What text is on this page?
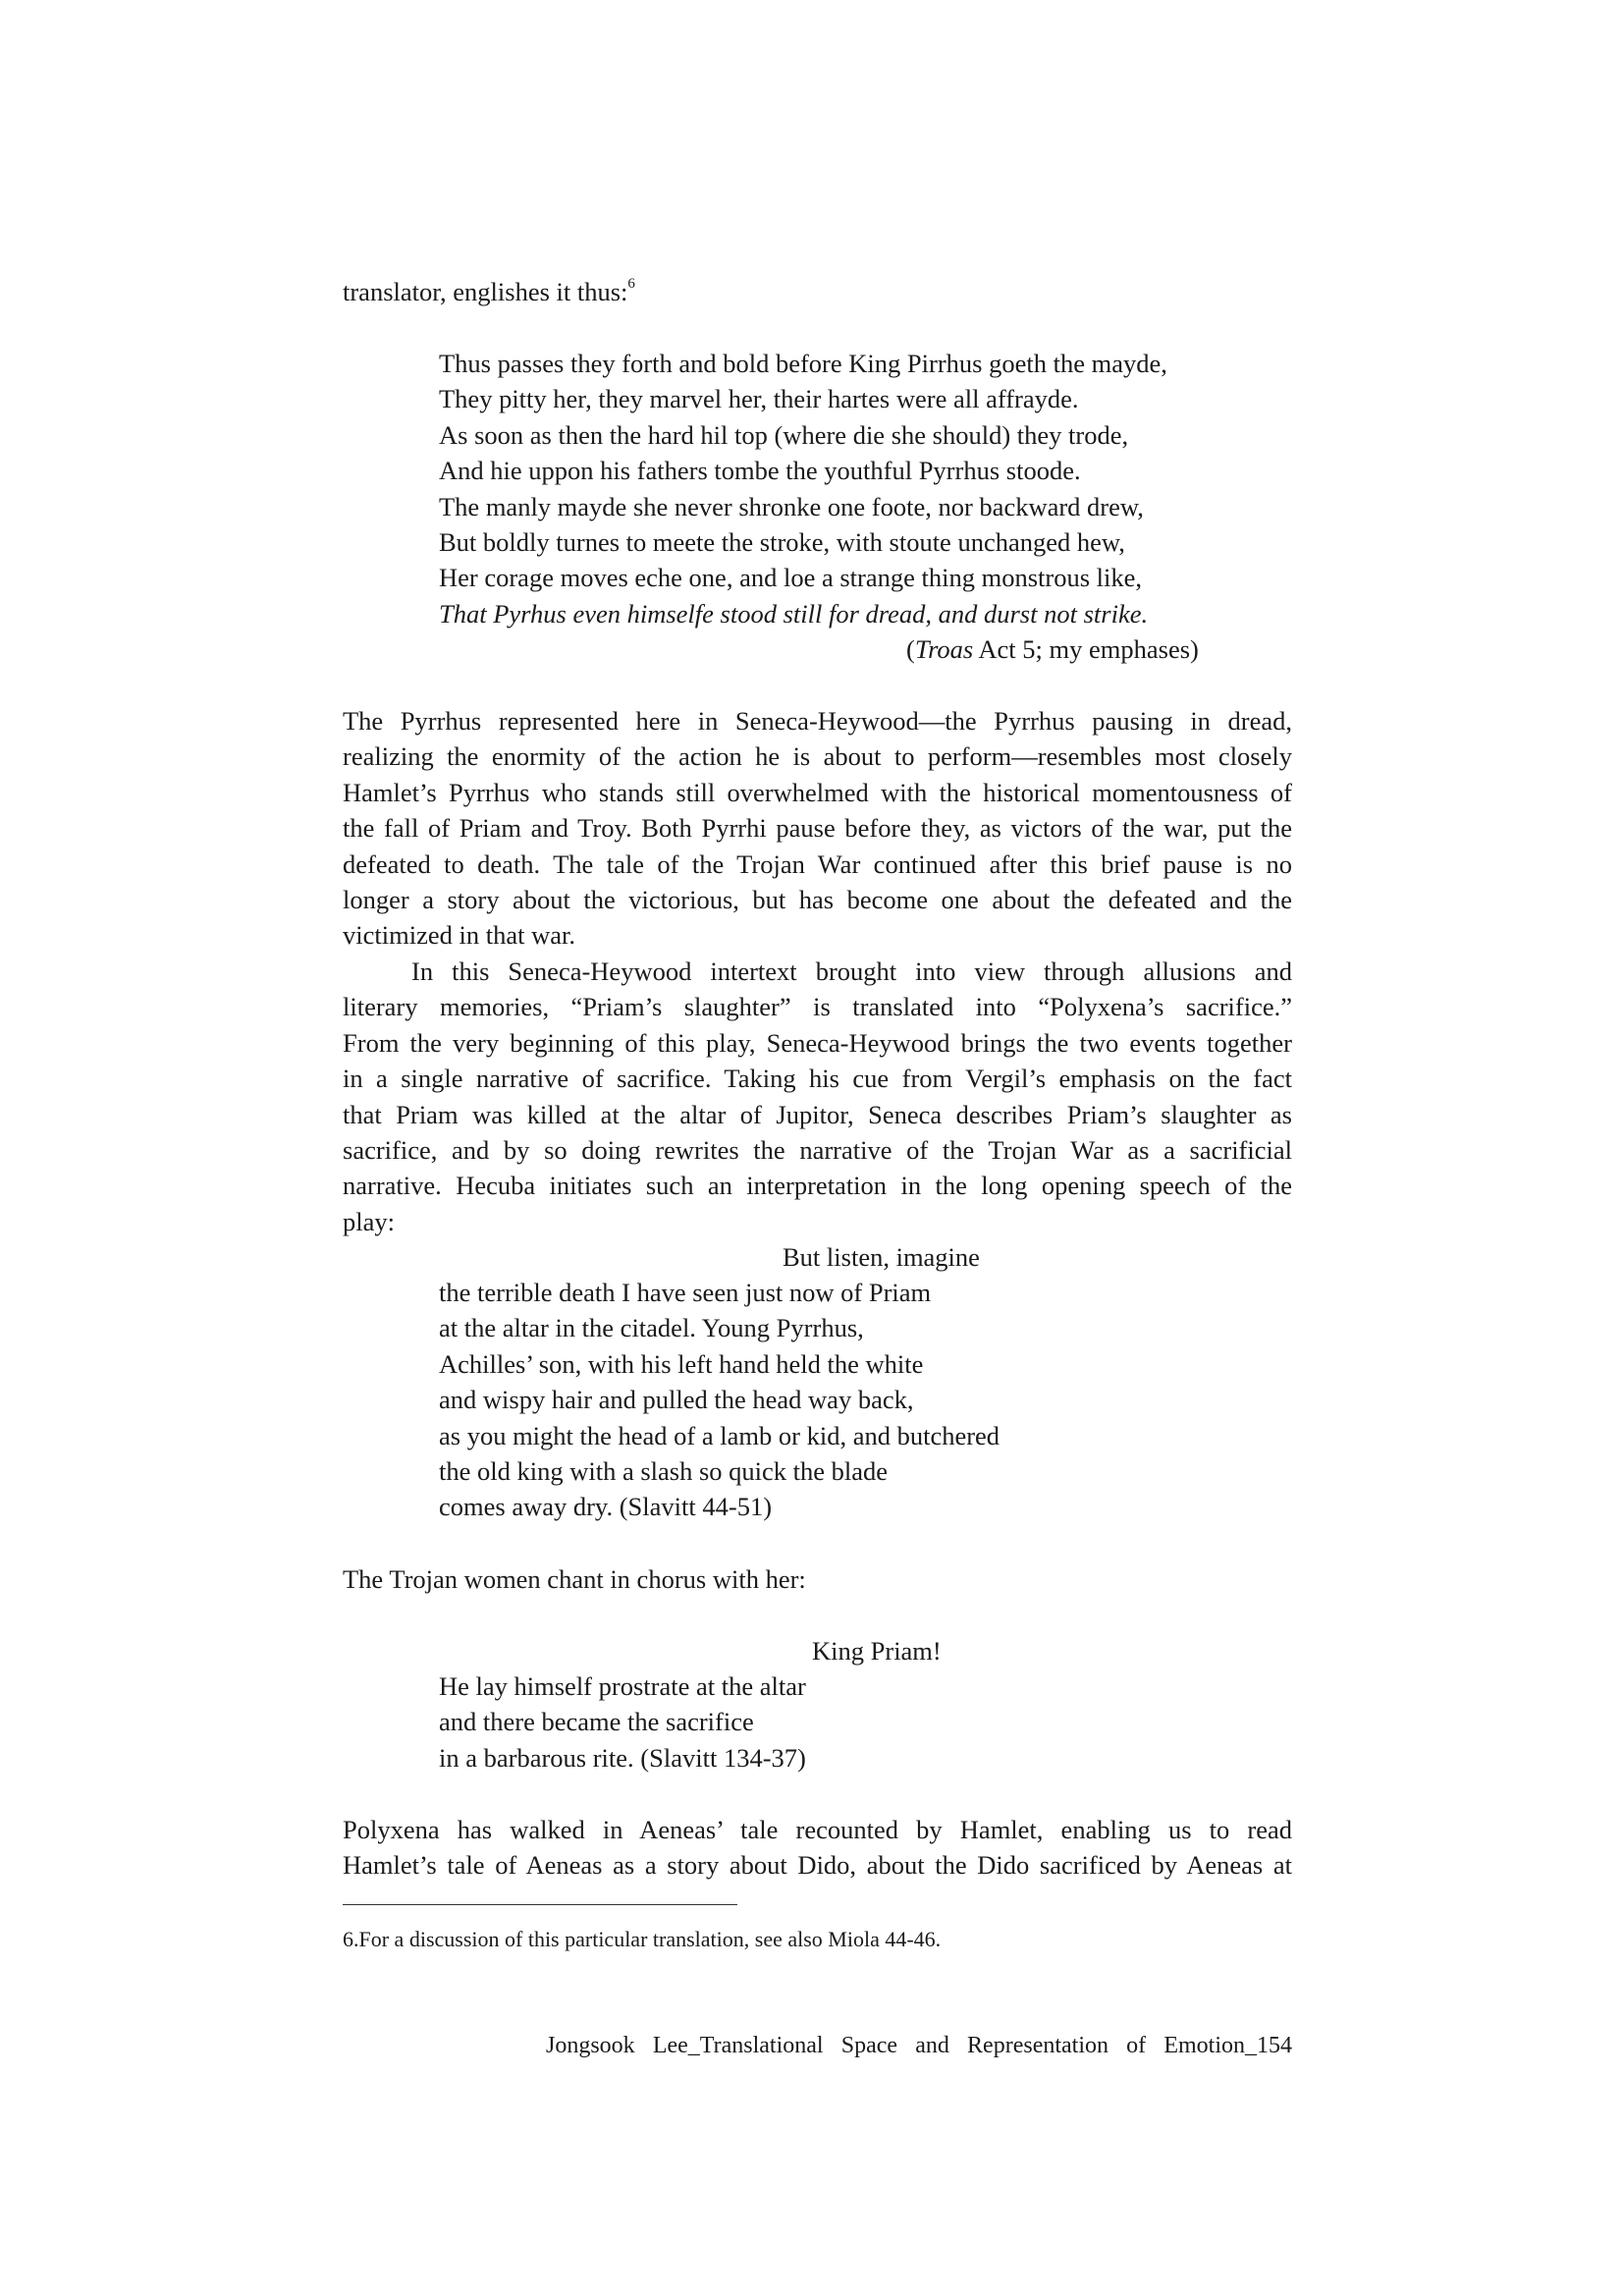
translator, englishes it thus:$^6$
Thus passes they forth and bold before King Pirrhus goeth the mayde,
They pitty her, they marvel her, their hartes were all affrayde.
As soon as then the hard hil top (where die she should) they trode,
And hie uppon his fathers tombe the youthful Pyrrhus stoode.
The manly mayde she never shronke one foote, nor backward drew,
But boldly turnes to meete the stroke, with stoute unchanged hew,
Her corage moves eche one, and loe a strange thing monstrous like,
That Pyrhus even himselfe stood still for dread, and durst not strike.
(Troas Act 5; my emphases)
The Pyrrhus represented here in Seneca-Heywood—the Pyrrhus pausing in dread,
realizing the enormity of the action he is about to perform—resembles most closely
Hamlet’s Pyrrhus who stands still overwhelmed with the historical momentousness of
the fall of Priam and Troy. Both Pyrrhi pause before they, as victors of the war, put the
defeated to death. The tale of the Trojan War continued after this brief pause is no
longer a story about the victorious, but has become one about the defeated and the
victimized in that war.
In this Seneca-Heywood intertext brought into view through allusions and
literary memories, “Priam’s slaughter” is translated into “Polyxena’s sacrifice.”
From the very beginning of this play, Seneca-Heywood brings the two events together
in a single narrative of sacrifice. Taking his cue from Vergil’s emphasis on the fact
that Priam was killed at the altar of Jupitor, Seneca describes Priam’s slaughter as
sacrifice, and by so doing rewrites the narrative of the Trojan War as a sacrificial
narrative. Hecuba initiates such an interpretation in the long opening speech of the
play:
But listen, imagine
the terrible death I have seen just now of Priam
at the altar in the citadel. Young Pyrrhus,
Achilles’ son, with his left hand held the white
and wispy hair and pulled the head way back,
as you might the head of a lamb or kid, and butchered
the old king with a slash so quick the blade
comes away dry. (Slavitt 44-51)
The Trojan women chant in chorus with her:
King Priam!
He lay himself prostrate at the altar
and there became the sacrifice
in a barbarous rite. (Slavitt 134-37)
Polyxena has walked in Aeneas’ tale recounted by Hamlet, enabling us to read
Hamlet’s tale of Aeneas as a story about Dido, about the Dido sacrificed by Aeneas at
6.For a discussion of this particular translation, see also Miola 44-46.
Jongsook Lee_Translational Space and Representation of Emotion_154
